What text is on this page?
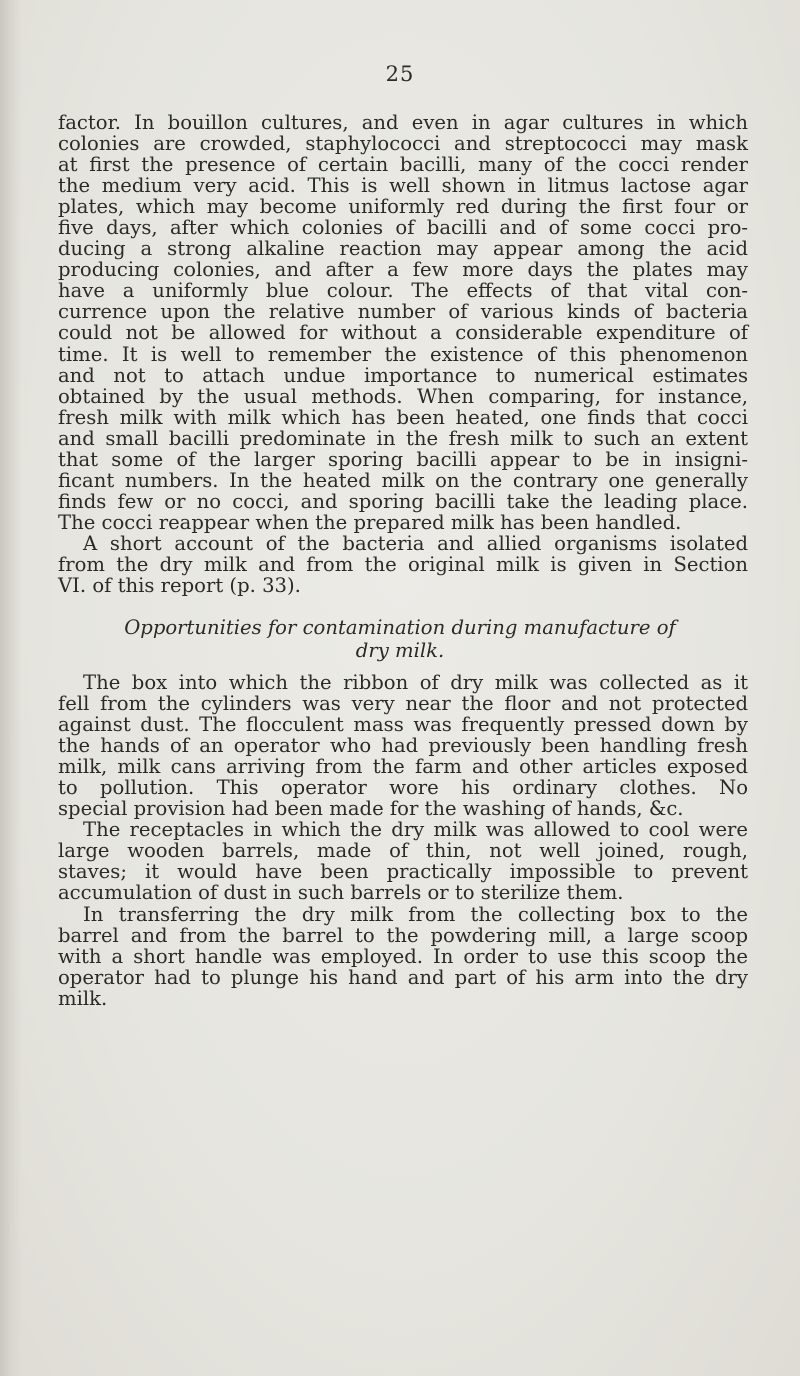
25
factor. In bouillon cultures, and even in agar cultures in which
colonies are crowded, staphylococci and streptococci may mask
at first the presence of certain bacilli, many of the cocci render
the medium very acid. This is well shown in litmus lactose agar
plates, which may become uniformly red during the first four or
five days, after which colonies of bacilli and of some cocci pro-
ducing a strong alkaline reaction may appear among the acid
producing colonies, and after a few more days the plates may
have a uniformly blue colour. The effects of that vital con-
currence upon the relative number of various kinds of bacteria
could not be allowed for without a considerable expenditure of
time. It is well to remember the existence of this phenomenon
and not to attach undue importance to numerical estimates
obtained by the usual methods. When comparing, for instance,
fresh milk with milk which has been heated, one finds that cocci
and small bacilli predominate in the fresh milk to such an extent
that some of the larger sporing bacilli appear to be in insigni-
ficant numbers. In the heated milk on the contrary one generally
finds few or no cocci, and sporing bacilli take the leading place.
The cocci reappear when the prepared milk has been handled.
A short account of the bacteria and allied organisms isolated
from the dry milk and from the original milk is given in Section
VI. of this report (p. 33).
Opportunities for contamination during manufacture of
dry milk.
The box into which the ribbon of dry milk was collected as it
fell from the cylinders was very near the floor and not protected
against dust. The flocculent mass was frequently pressed down by
the hands of an operator who had previously been handling fresh
milk, milk cans arriving from the farm and other articles exposed
to pollution. This operator wore his ordinary clothes. No
special provision had been made for the washing of hands, &c.
The receptacles in which the dry milk was allowed to cool were
large wooden barrels, made of thin, not well joined, rough,
staves; it would have been practically impossible to prevent
accumulation of dust in such barrels or to sterilize them.
In transferring the dry milk from the collecting box to the
barrel and from the barrel to the powdering mill, a large scoop
with a short handle was employed. In order to use this scoop the
operator had to plunge his hand and part of his arm into the dry
milk.
